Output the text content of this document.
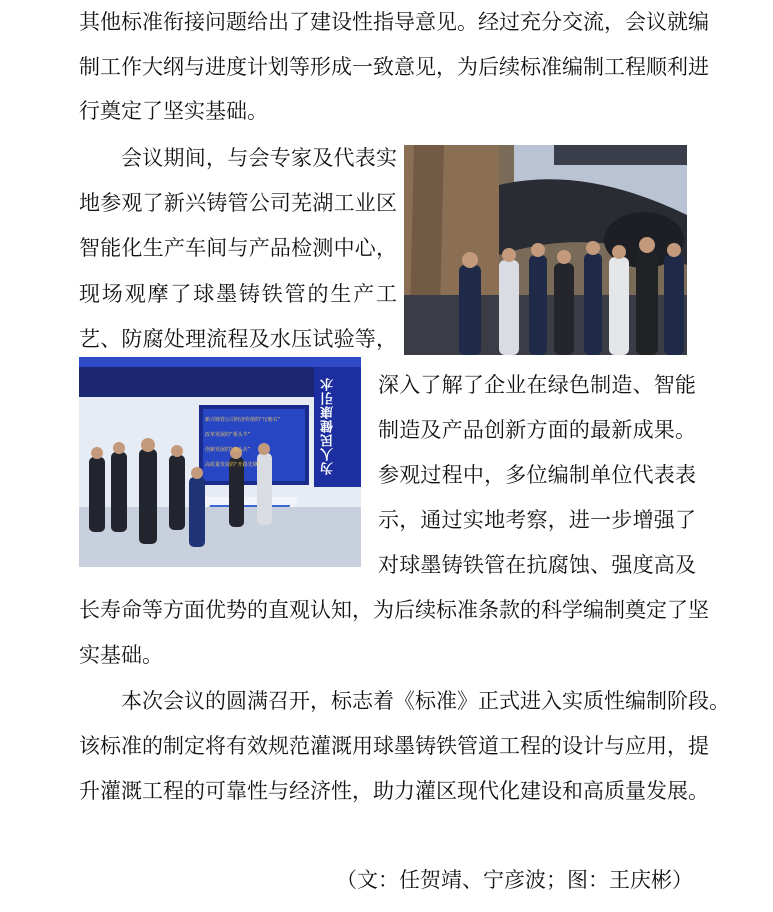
其他标准衔接问题给出了建设性指导意见。经过充分交流，会议就编
制工作大纲与进度计划等形成一致意见，为后续标准编制工程顺利进
行奠定了坚实基础。
会议期间，与会专家及代表实
地参观了新兴铸管公司芜湖工业区
智能化生产车间与产品检测中心，
现场观摩了球墨铸铁管的生产工
艺、防腐处理流程及水压试验等，
为人民健康引水
新兴铸管公司经济价值的“压舱石”
改革发展的“领头羊”
创新发展的“排头兵”
高质量发展的“开路先锋”
深入了解了企业在绿色制造、智能
制造及产品创新方面的最新成果。
参观过程中，多位编制单位代表表
示，通过实地考察，进一步增强了
对球墨铸铁管在抗腐蚀、强度高及
长寿命等方面优势的直观认知，为后续标准条款的科学编制奠定了坚
实基础。
本次会议的圆满召开，标志着《标准》正式进入实质性编制阶段。
该标准的制定将有效规范灌溉用球墨铸铁管道工程的设计与应用，提
升灌溉工程的可靠性与经济性，助力灌区现代化建设和高质量发展。
（文：任贺靖、宁彦波；图：王庆彬）
